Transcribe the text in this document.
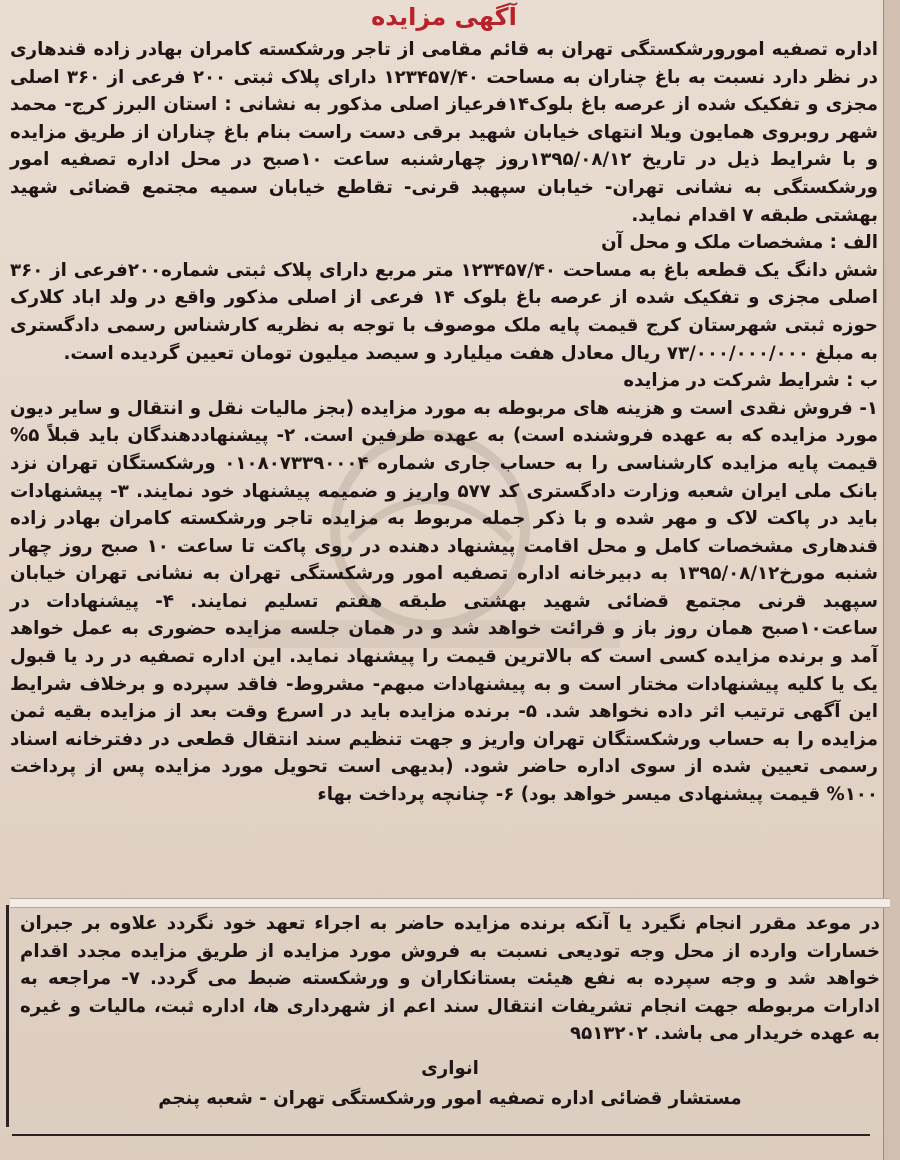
آگهی مزایده

اداره تصفیه امورورشکستگی تهران به قائم مقامی از تاجر ورشکسته کامران بهادر زاده قندهاری در نظر دارد نسبت به باغ چناران به مساحت ۱۲۳۴۵۷/۴۰ دارای پلاک ثبتی ۲۰۰ فرعی از ۳۶۰ اصلی مجزی و تفکیک شده از عرصه باغ بلوک۱۴فرعیاز اصلی مذکور به نشانی : استان البرز کرج- محمد شهر روبروی همایون ویلا انتهای خیابان شهید برقی دست راست بنام باغ چناران از طریق مزایده و با شرایط ذیل در تاریخ ۱۳۹۵/۰۸/۱۲روز چهارشنبه ساعت ۱۰صبح در محل اداره تصفیه امور ورشکستگی به نشانی تهران- خیابان سپهبد قرنی- تقاطع خیابان سمیه مجتمع قضائی شهید بهشتی طبقه ۷ اقدام نماید.

الف : مشخصات ملک و محل آن

شش دانگ یک قطعه باغ به مساحت ۱۲۳۴۵۷/۴۰ متر مربع دارای پلاک ثبتی شماره۲۰۰فرعی از ۳۶۰ اصلی مجزی و تفکیک شده از عرصه باغ بلوک ۱۴ فرعی از اصلی مذکور واقع در ولد اباد کلارک حوزه ثبتی شهرستان کرج قیمت پایه ملک موصوف با توجه به نظریه کارشناس رسمی دادگستری به مبلغ ۷۳/۰۰۰/۰۰۰/۰۰۰ ریال معادل هفت میلیارد و سیصد میلیون تومان تعیین گردیده است.

ب : شرایط شرکت در مزایده

۱- فروش نقدی است و هزینه های مربوطه به مورد مزایده (بجز مالیات نقل و انتقال و سایر دیون مورد مزایده که به عهده فروشنده است) به عهده طرفین است. ۲- پیشنهاددهندگان باید قبلاً ۵% قیمت پایه مزایده کارشناسی را به حساب جاری شماره ۰۱۰۸۰۷۳۳۹۰۰۰۴ ورشکستگان تهران نزد بانک ملی ایران شعبه وزارت دادگستری کد ۵۷۷ واریز و ضمیمه پیشنهاد خود نمایند. ۳- پیشنهادات باید در پاکت لاک و مهر شده و با ذکر جمله مربوط به مزایده تاجر ورشکسته کامران بهادر زاده قندهاری مشخصات کامل و محل اقامت پیشنهاد دهنده در روی پاکت تا ساعت ۱۰ صبح روز چهار شنبه مورخ۱۳۹۵/۰۸/۱۲ به دبیرخانه اداره تصفیه امور ورشکستگی تهران به نشانی تهران خیابان سپهبد قرنی مجتمع قضائی شهید بهشتی طبقه هفتم تسلیم نمایند. ۴- پیشنهادات در ساعت۱۰صبح همان روز باز و قرائت خواهد شد و در همان جلسه مزایده حضوری به عمل خواهد آمد و برنده مزایده کسی است که بالاترین قیمت را پیشنهاد نماید. این اداره تصفیه در رد یا قبول یک یا کلیه پیشنهادات مختار است و به پیشنهادات مبهم- مشروط- فاقد سپرده و برخلاف شرایط این آگهی ترتیب اثر داده نخواهد شد. ۵- برنده مزایده باید در اسرع وقت بعد از مزایده بقیه ثمن مزایده را به حساب ورشکستگان تهران واریز و جهت تنظیم سند انتقال قطعی در دفترخانه اسناد رسمی تعیین شده از سوی اداره حاضر شود. (بدیهی است تحویل مورد مزایده پس از پرداخت ۱۰۰% قیمت پیشنهادی میسر خواهد بود) ۶- چنانچه پرداخت بهاء

در موعد مقرر انجام نگیرد یا آنکه برنده مزایده حاضر به اجراء تعهد خود نگردد علاوه بر جبران خسارات وارده از محل وجه تودیعی نسبت به فروش مورد مزایده از طریق مزایده مجدد اقدام خواهد شد و وجه سپرده به نفع هیئت بستانکاران و ورشکسته ضبط می گردد. ۷- مراجعه به ادارات مربوطه جهت انجام تشریفات انتقال سند اعم از شهرداری ها، اداره ثبت، مالیات و غیره به عهده خریدار می باشد. ۹۵۱۳۲۰۲

انواری

مستشار قضائی اداره تصفیه امور ورشکستگی تهران - شعبه پنجم
